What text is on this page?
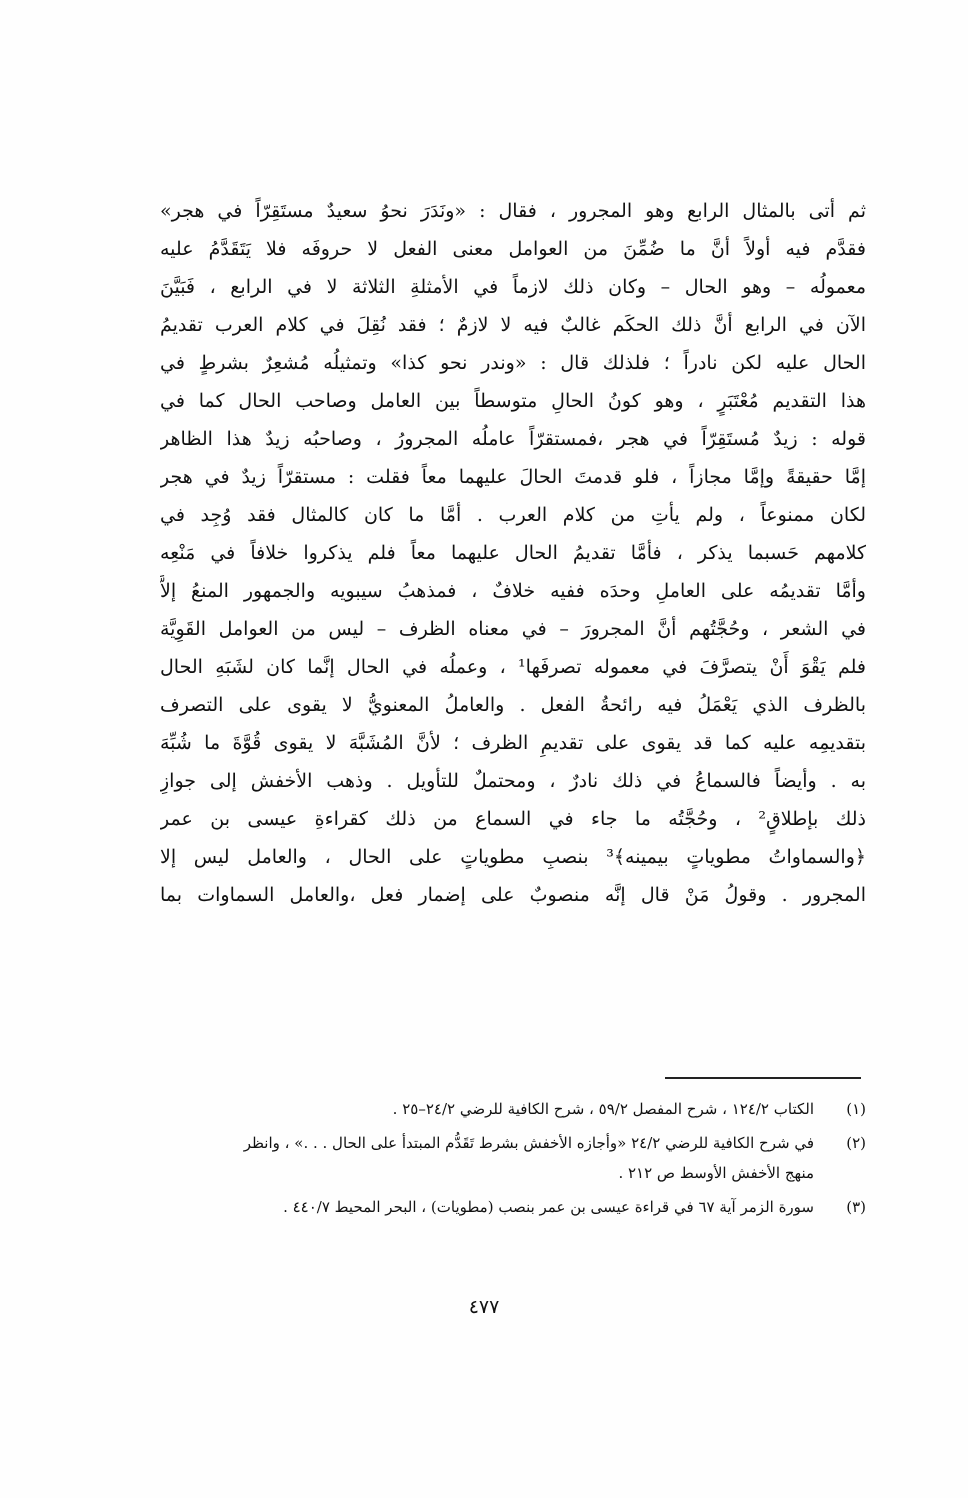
ثم أتى بالمثال الرابع وهو المجرور ، فقال : «ونَدَرَ نحوُ سعيدٌ مستَقِرّاً في هجر»
فقدَّم فيه أولاً أنَّ ما ضُمِّنَ من العوامل معنى الفعل لا حروفَه فلا يَتَقَدَّمُ عليه
معمولُه – وهو الحال – وكان ذلك لازماً في الأمثلةِ الثلاثة لا في الرابع ، فَبَيَّنَ
الآن في الرابع أنَّ ذلك الحكَم غالبٌ فيه لا لازمٌ ؛ فقد نُقِلَ في كلام العرب تقديمُ
الحال عليه لكن نادراً ؛ فلذلك قال : «وندر نحو كذا» وتمثيلُه مُشعِرٌ بشرطٍ في
هذا التقديم مُعْتَبَرٍ ، وهو كونُ الحالِ متوسطاً بين العامل وصاحب الحال كما في
قوله : زيدٌ مُستَقِرّاً في هجر ،فمستقرّاً عاملُه المجرورُ ، وصاحبُه زيدٌ هذا الظاهر
إمَّا حقيقةً وإمَّا مجازاً ، فلو قدمتَ الحالَ عليهما معاً فقلت : مستقرّاً زيدٌ في هجر
لكان ممنوعاً ، ولم يأتِ من كلام العرب . أمَّا ما كان كالمثال فقد وُجِد في
كلامهم حَسبما يذكر ، فأمَّا تقديمُ الحال عليهما معاً فلم يذكروا خلافاً في مَنْعِه
وأمَّا تقديمُه على العاملِ وحدَه ففيه خلافٌ ، فمذهبُ سيبويه والجمهور المنعُ إلاَّ
في الشعر ، وحُجَّتُهم أنَّ المجرورَ – في معناه الظرف – ليس من العوامل القَوِيَّة
فلم يَقْوَ أَنْ يتصرَّفَ في معموله تصرفَها¹ ، وعملُه في الحال إنَّما كان لشَبَهِ الحال
بالظرف الذي يَعْمَلُ فيه رائحةُ الفعل . والعاملُ المعنويُّ لا يقوى على التصرف
بتقديمِه عليه كما قد يقوى على تقديمِ الظرف ؛ لأنَّ المُشَبَّهَ لا يقوى قُوَّةَ ما شُبِّهَ
به . وأيضاً فالسماعُ في ذلك نادرٌ ، ومحتملٌ للتأويل . وذهب الأخفش إلى جوازِ
ذلك بإطلاقٍ² ، وحُجَّتُه ما جاء في السماع من ذلك كقراءةِ عيسى بن عمر
﴿والسماواتُ مطوياتٍ بيمينه﴾³ بنصبِ مطوياتٍ على الحال ، والعامل ليس إلا
المجرور . وقولُ مَنْ قال إنَّه منصوبٌ على إضمار فعل ،والعامل السماوات بما
(١)
الكتاب ١٢٤/٢ ، شرح المفصل ٥٩/٢ ، شرح الكافية للرضي ٢٤/٢–٢٥ .
(٢)
في شرح الكافية للرضي ٢٤/٢ «وأجازه الأخفش بشرط تَقَدُّم المبتدأ على الحال . . .» ، وانظر
منهج الأخفش الأوسط ص ٢١٢ .
(٣)
سورة الزمر آية ٦٧ في قراءة عيسى بن عمر بنصب (مطويات) ، البحر المحيط ٤٤٠/٧ .
٤٧٧
